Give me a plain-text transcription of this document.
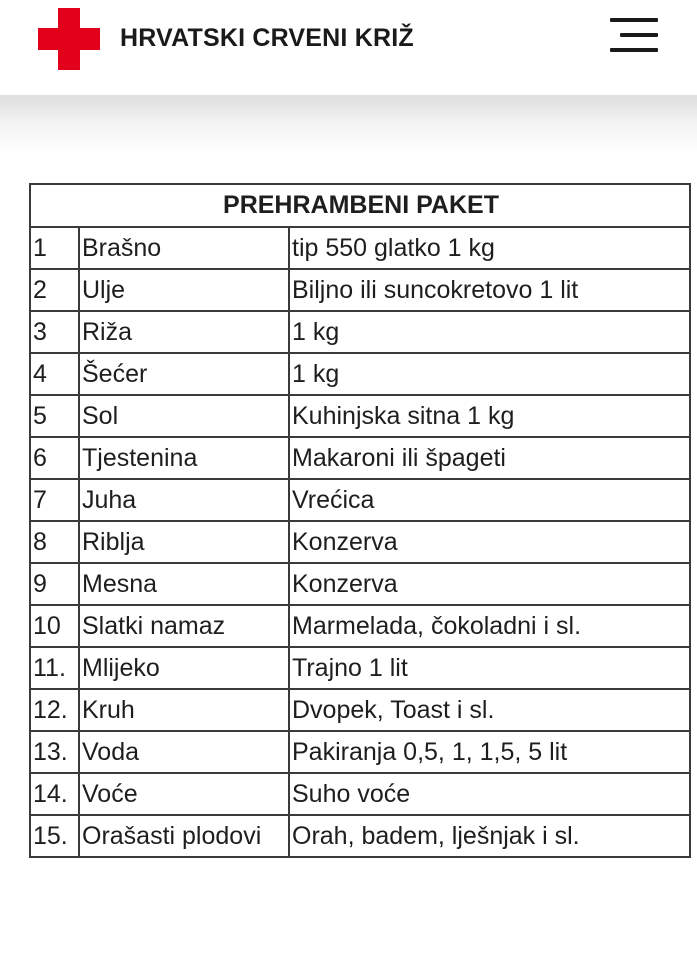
HRVATSKI CRVENI KRIŽ
PREHRAMBENI PAKET		
1	Brašno	tip 550 glatko 1 kg
2	Ulje	Biljno ili suncokretovo 1 lit
3	Riža	1 kg
4	Šećer	1 kg
5	Sol	Kuhinjska sitna 1 kg
6	Tjestenina	Makaroni ili špageti
7	Juha	Vrećica
8	Riblja	Konzerva
9	Mesna	Konzerva
10	Slatki namaz	Marmelada, čokoladni i sl.
11.	Mlijeko	Trajno 1 lit
12.	Kruh	Dvopek, Toast i sl.
13.	Voda	Pakiranja 0,5, 1, 1,5, 5 lit
14.	Voće	Suho voće
15.	Orašasti plodovi	Orah, badem, lješnjak i sl.
